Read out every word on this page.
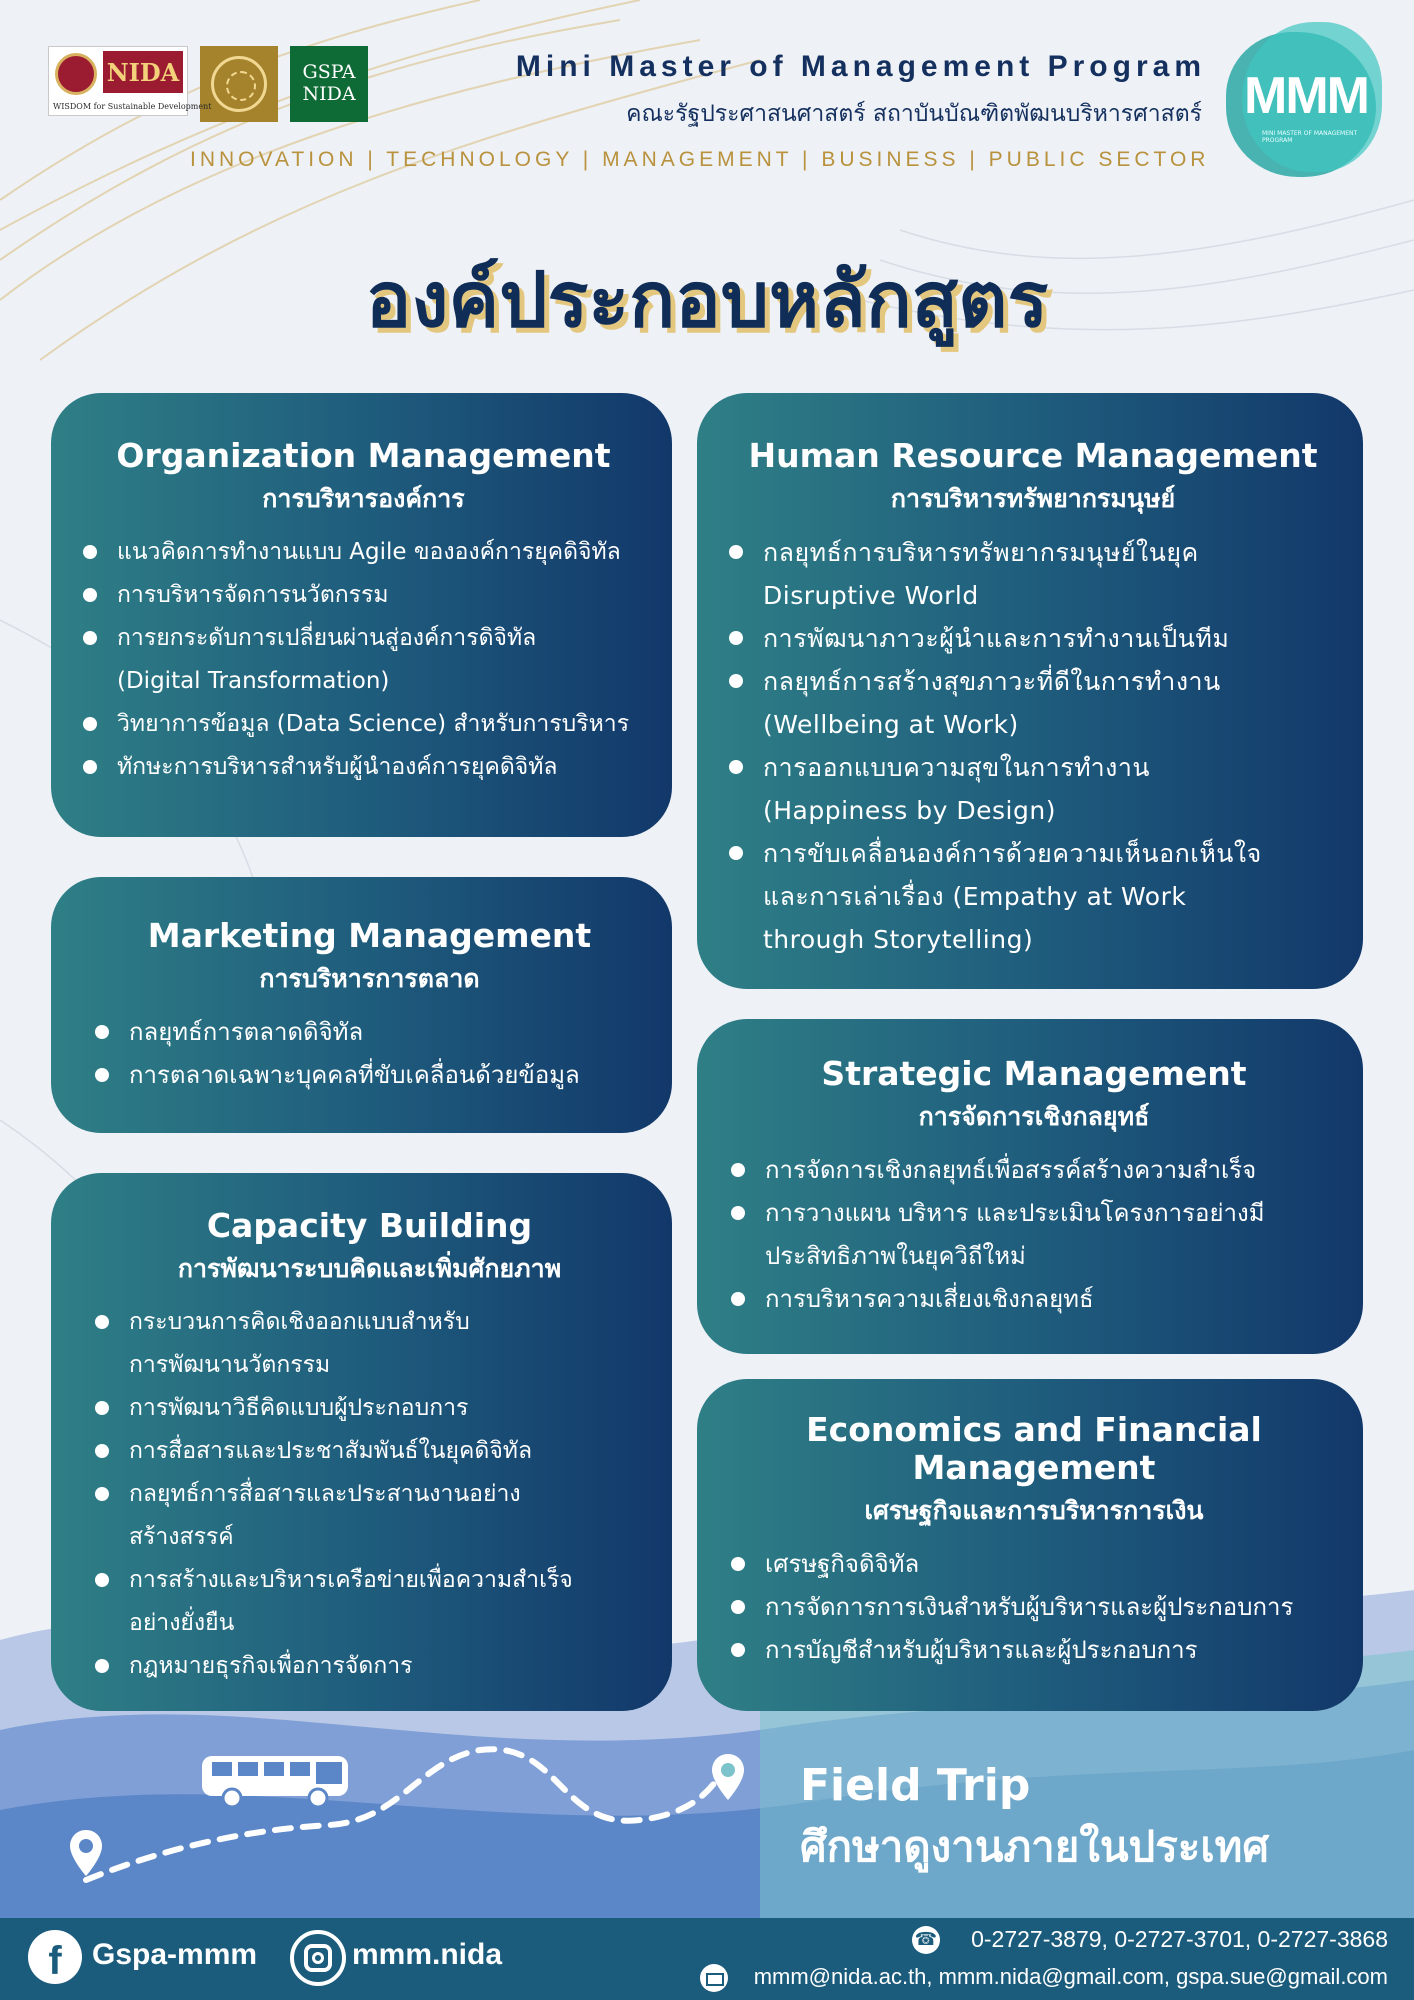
NIDA
WISDOM for Sustainable Development
GSPA
NIDA
Mini Master of Management Program
คณะรัฐประศาสนศาสตร์ สถาบันบัณฑิตพัฒนบริหารศาสตร์
INNOVATION | TECHNOLOGY | MANAGEMENT | BUSINESS | PUBLIC SECTOR
MMM
MINI MASTER OF MANAGEMENT PROGRAM
องค์ประกอบหลักสูตร
Organization Management
การบริหารองค์การ
แนวคิดการทำงานแบบ Agile ขององค์การยุคดิจิทัล
การบริหารจัดการนวัตกรรม
การยกระดับการเปลี่ยนผ่านสู่องค์การดิจิทัล
(Digital Transformation)
วิทยาการข้อมูล (Data Science) สำหรับการบริหาร
ทักษะการบริหารสำหรับผู้นำองค์การยุคดิจิทัล
Human Resource Management
การบริหารทรัพยากรมนุษย์
กลยุทธ์การบริหารทรัพยากรมนุษย์ในยุค
Disruptive World
การพัฒนาภาวะผู้นำและการทำงานเป็นทีม
กลยุทธ์การสร้างสุขภาวะที่ดีในการทำงาน
(Wellbeing at Work)
การออกแบบความสุขในการทำงาน
(Happiness by Design)
การขับเคลื่อนองค์การด้วยความเห็นอกเห็นใจ
และการเล่าเรื่อง (Empathy at Work
through Storytelling)
Marketing Management
การบริหารการตลาด
กลยุทธ์การตลาดดิจิทัล
การตลาดเฉพาะบุคคลที่ขับเคลื่อนด้วยข้อมูล	Strategic Management
การจัดการเชิงกลยุทธ์
การจัดการเชิงกลยุทธ์เพื่อสรรค์สร้างความสำเร็จ
การวางแผน บริหาร และประเมินโครงการอย่างมี
ประสิทธิภาพในยุควิถีใหม่
การบริหารความเสี่ยงเชิงกลยุทธ์
Capacity Building
การพัฒนาระบบคิดและเพิ่มศักยภาพ
กระบวนการคิดเชิงออกแบบสำหรับ
การพัฒนานวัตกรรม
การพัฒนาวิธีคิดแบบผู้ประกอบการ
การสื่อสารและประชาสัมพันธ์ในยุคดิจิทัล
กลยุทธ์การสื่อสารและประสานงานอย่าง
สร้างสรรค์
การสร้างและบริหารเครือข่ายเพื่อความสำเร็จ
อย่างยั่งยืน
กฎหมายธุรกิจเพื่อการจัดการ
Economics and Financial
Management
เศรษฐกิจและการบริหารการเงิน
เศรษฐกิจดิจิทัล
การจัดการการเงินสำหรับผู้บริหารและผู้ประกอบการ
การบัญชีสำหรับผู้บริหารและผู้ประกอบการ
Field Trip
ศึกษาดูงานภายในประเทศ
f	Gspa-mmm	mmm.nida	☎ 0-2727-3879, 0-2727-3701, 0-2727-3868
mmm@nida.ac.th, mmm.nida@gmail.com, gspa.sue@gmail.com
